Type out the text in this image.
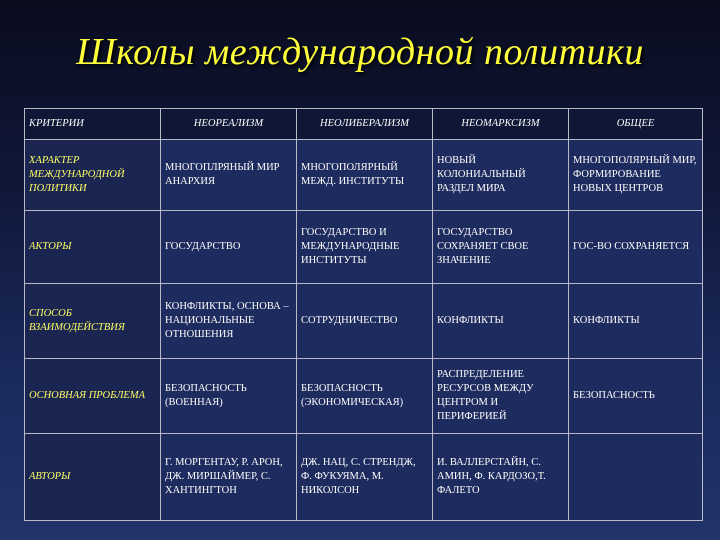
Школы международной политики
КРИТЕРИИ	НЕОРЕАЛИЗМ	НЕОЛИБЕРАЛИЗМ	НЕОМАРКСИЗМ	ОБЩЕЕ
ХАРАКТЕР МЕЖДУНАРОДНОЙ ПОЛИТИКИ	МНОГОПЛРЯНЫЙ МИР АНАРХИЯ	МНОГОПОЛЯРНЫЙ МЕЖД. ИНСТИТУТЫ	НОВЫЙ КОЛОНИАЛЬНЫЙ РАЗДЕЛ МИРА	МНОГОПОЛЯРНЫЙ МИР, ФОРМИРОВАНИЕ НОВЫХ ЦЕНТРОВ
АКТОРЫ	ГОСУДАРСТВО	ГОСУДАРСТВО И МЕЖДУНАРОДНЫЕ ИНСТИТУТЫ	ГОСУДАРСТВО СОХРАНЯЕТ СВОЕ ЗНАЧЕНИЕ	ГОС-ВО СОХРАНЯЕТСЯ
СПОСОБ ВЗАИМОДЕЙСТВИЯ	КОНФЛИКТЫ, ОСНОВА – НАЦИОНАЛЬНЫЕ ОТНОШЕНИЯ	СОТРУДНИЧЕСТВО	КОНФЛИКТЫ	КОНФЛИКТЫ
ОСНОВНАЯ ПРОБЛЕМА	БЕЗОПАСНОСТЬ (ВОЕННАЯ)	БЕЗОПАСНОСТЬ (ЭКОНОМИЧЕСКАЯ)	РАСПРЕДЕЛЕНИЕ РЕСУРСОВ МЕЖДУ ЦЕНТРОМ И ПЕРИФЕРИЕЙ	БЕЗОПАСНОСТЬ
АВТОРЫ	Г. МОРГЕНТАУ, Р. АРОН, ДЖ. МИРШАЙМЕР, С. ХАНТИНГТОН	ДЖ. НАЦ, С. СТРЕНДЖ, Ф. ФУКУЯМА, М. НИКОЛСОН	И. ВАЛЛЕРСТАЙН, С. АМИН, Ф. КАРДОЗО,Т. ФАЛЕТО	
